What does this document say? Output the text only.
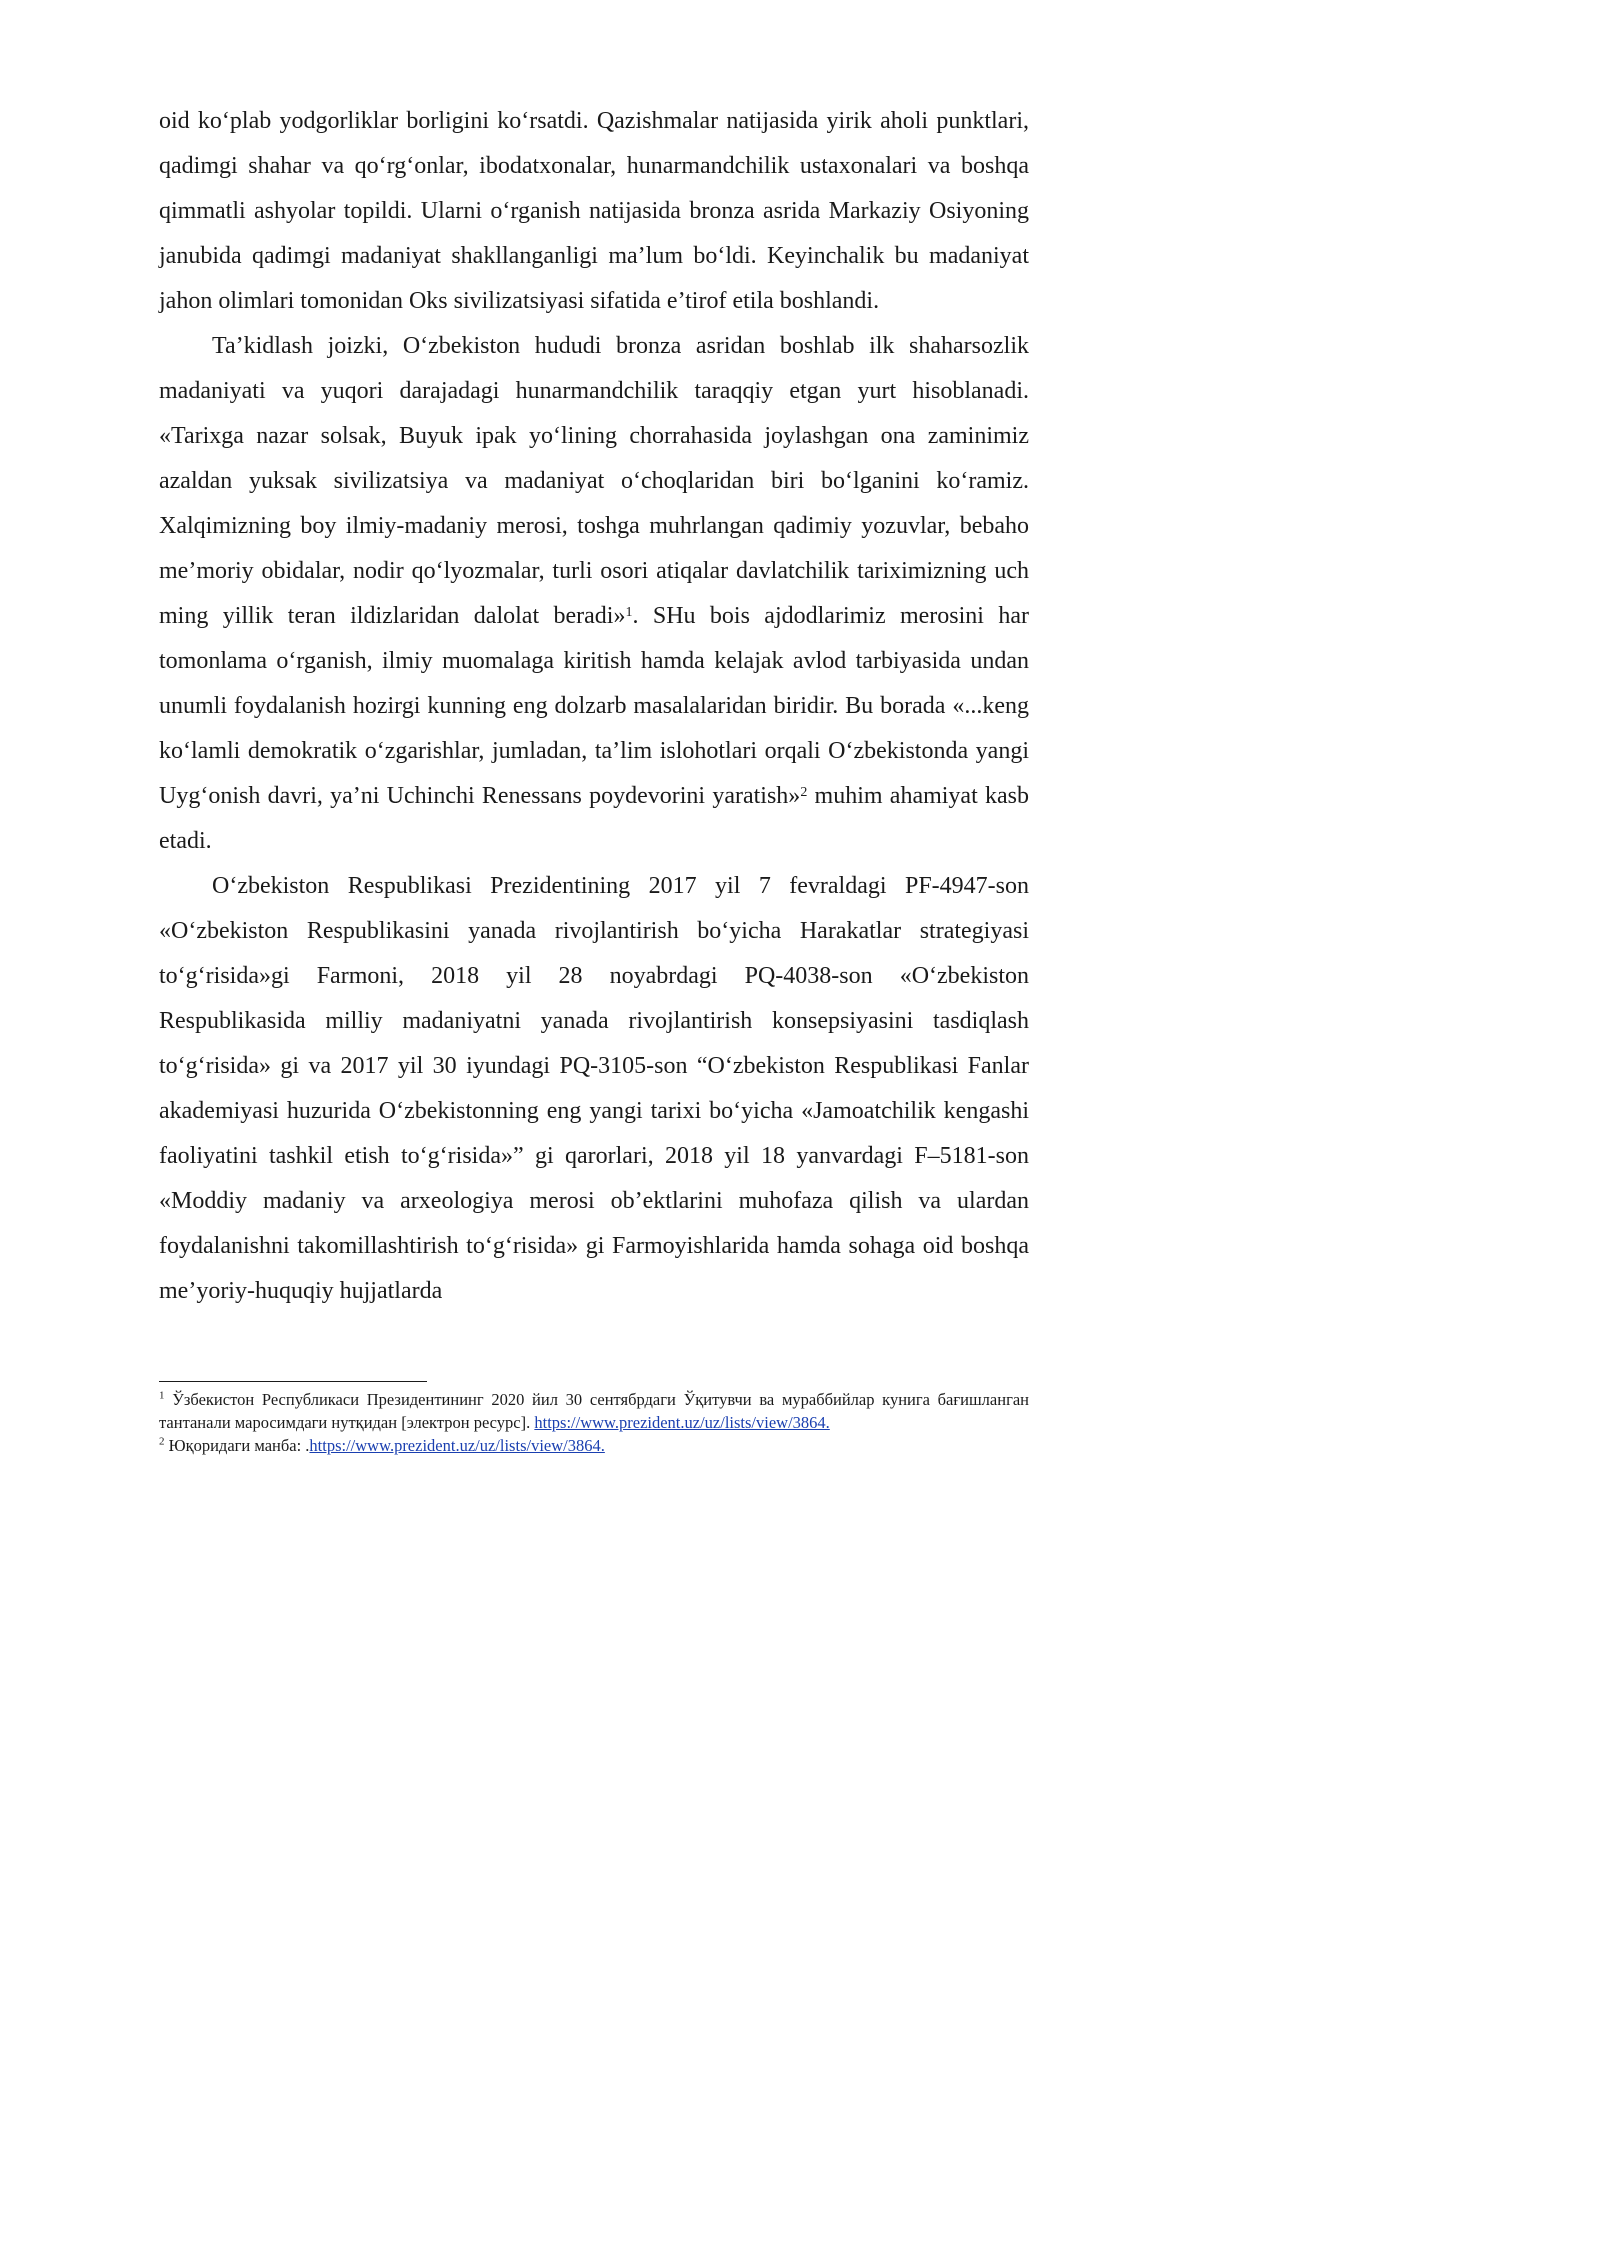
oid ko‘plab yodgorliklar borligini ko‘rsatdi. Qazishmalar natijasida yirik aholi punktlari, qadimgi shahar va qo‘rg‘onlar, ibodatxonalar, hunarmandchilik ustaxonalari va boshqa qimmatli ashyolar topildi. Ularni o‘rganish natijasida bronza asrida Markaziy Osiyoning janubida qadimgi madaniyat shakllanganligi ma’lum bo‘ldi. Keyinchalik bu madaniyat jahon olimlari tomonidan Oks sivilizatsiyasi sifatida e’tirof etila boshlandi.

Ta’kidlash joizki, O‘zbekiston hududi bronza asridan boshlab ilk shaharsozlik madaniyati va yuqori darajadagi hunarmandchilik taraqqiy etgan yurt hisoblanadi. «Tarixga nazar solsak, Buyuk ipak yo‘lining chorrahasida joylashgan ona zaminimiz azaldan yuksak sivilizatsiya va madaniyat o‘choqlaridan biri bo‘lganini ko‘ramiz. Xalqimizning boy ilmiy-madaniy merosi, toshga muhrlangan qadimiy yozuvlar, bebaho me’moriy obidalar, nodir qo‘lyozmalar, turli osori atiqalar davlatchilik tariximizning uch ming yillik teran ildizlaridan dalolat beradi»$^1$. SHu bois ajdodlarimiz merosini har tomonlama o‘rganish, ilmiy muomalaga kiritish hamda kelajak avlod tarbiyasida undan unumli foydalanish hozirgi kunning eng dolzarb masalalaridan biridir. Bu borada «...keng ko‘lamli demokratik o‘zgarishlar, jumladan, ta’lim islohotlari orqali O‘zbekistonda yangi Uyg‘onish davri, ya’ni Uchinchi Renessans poydevorini yaratish»$^2$ muhim ahamiyat kasb etadi.

O‘zbekiston Respublikasi Prezidentining 2017 yil 7 fevraldagi PF-4947-son «O‘zbekiston Respublikasini yanada rivojlantirish bo‘yicha Harakatlar strategiyasi to‘g‘risida»gi Farmoni, 2018 yil 28 noyabrdagi PQ-4038-son «O‘zbekiston Respublikasida milliy madaniyatni yanada rivojlantirish konsepsiyasini tasdiqlash to‘g‘risida» gi va 2017 yil 30 iyundagi PQ-3105-son “O‘zbekiston Respublikasi Fanlar akademiyasi huzurida O‘zbekistonning eng yangi tarixi bo‘yicha «Jamoatchilik kengashi faoliyatini tashkil etish to‘g‘risida»” gi qarorlari, 2018 yil 18 yanvardagi F–5181-son «Moddiy madaniy va arxeologiya merosi ob’ektlarini muhofaza qilish va ulardan foydalanishni takomillashtirish to‘g‘risida» gi Farmoyishlarida hamda sohaga oid boshqa me’yoriy-huquqiy hujjatlarda

$^1$ Ўзбекистон Республикаси Президентининг 2020 йил 30 сентябрдаги Ўқитувчи ва мураббийлар кунига бағишланган тантанали маросимдаги нутқидан [электрон ресурс]. https://www.prezident.uz/uz/lists/view/3864.

$^2$ Юқоридаги манба: .https://www.prezident.uz/uz/lists/view/3864.
